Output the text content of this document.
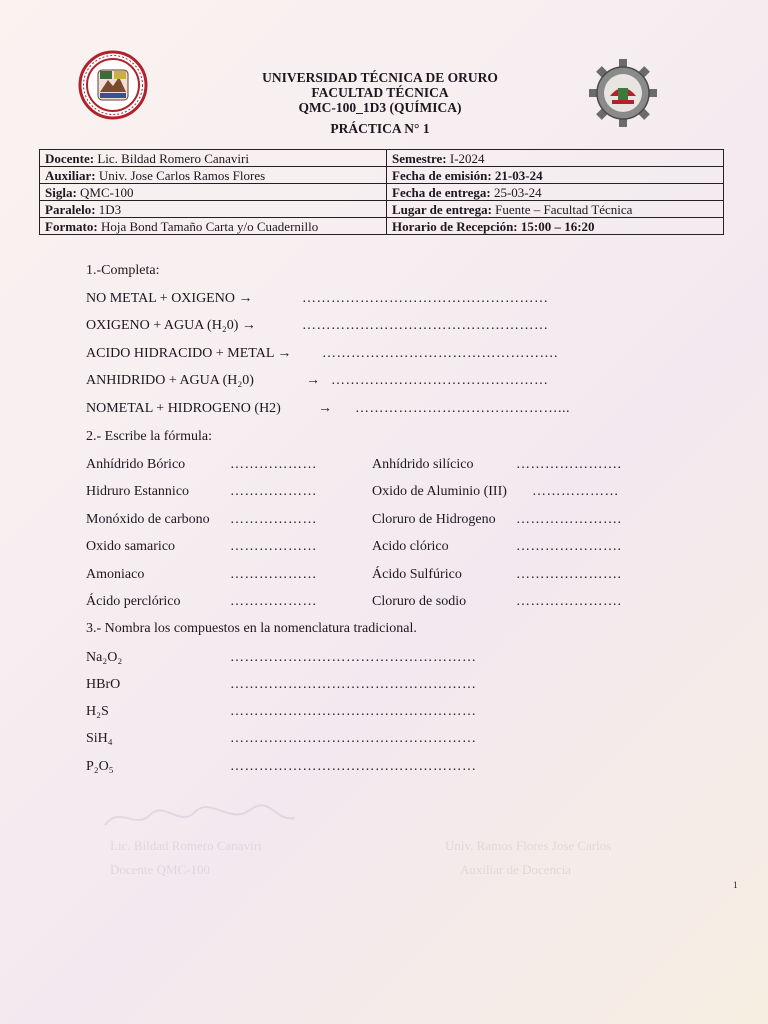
UNIVERSIDAD TÉCNICA DE ORURO
FACULTAD TÉCNICA
QMC-100_1D3 (QUÍMICA)
PRÁCTICA N° 1
Docente: Lic. Bildad Romero Canaviri	Semestre: I-2024
Auxiliar: Univ. Jose Carlos Ramos Flores	Fecha de emisión: 21-03-24
Sigla: QMC-100	Fecha de entrega: 25-03-24
Paralelo: 1D3	Lugar de entrega: Fuente – Facultad Técnica
Formato: Hoja Bond Tamaño Carta y/o Cuadernillo	Horario de Recepción: 15:00 – 16:20
1.-Completa:
NO METAL + OXIGENO →	……………………………………………
OXIGENO + AGUA (H₂0) →	……………………………………………
ACIDO HIDRACIDO + METAL → ………………………………………….
ANHIDRIDO + AGUA (H₂0)	→ ………………………………………
NOMETAL + HIDROGENO (H2)	→ ……………………………………...
2.- Escribe la fórmula:
Anhídrido Bórico	………………	Anhídrido silícico	………………….
Hidruro Estannico	………………	Oxido de Aluminio (III) ………………
Monóxido de carbono ………………	Cloruro de Hidrogeno ………………….
Oxido samarico	………………	Acido clórico	………………….
Amoniaco	………………	Ácido Sulfúrico	………………….
Ácido perclórico	………………	Cloruro de sodio	………………….
3.- Nombra los compuestos en la nomenclatura tradicional.
Na₂O₂	……………………………………………
HBrO	……………………………………………
H₂S	……………………………………………
SiH₄	……………………………………………
P₂O₅	……………………………………………
Lic. Bildad Romero Canaviri
Docente QMC-100
Univ. Ramos Flores Jose Carlos
Auxiliar de Docencia
1
